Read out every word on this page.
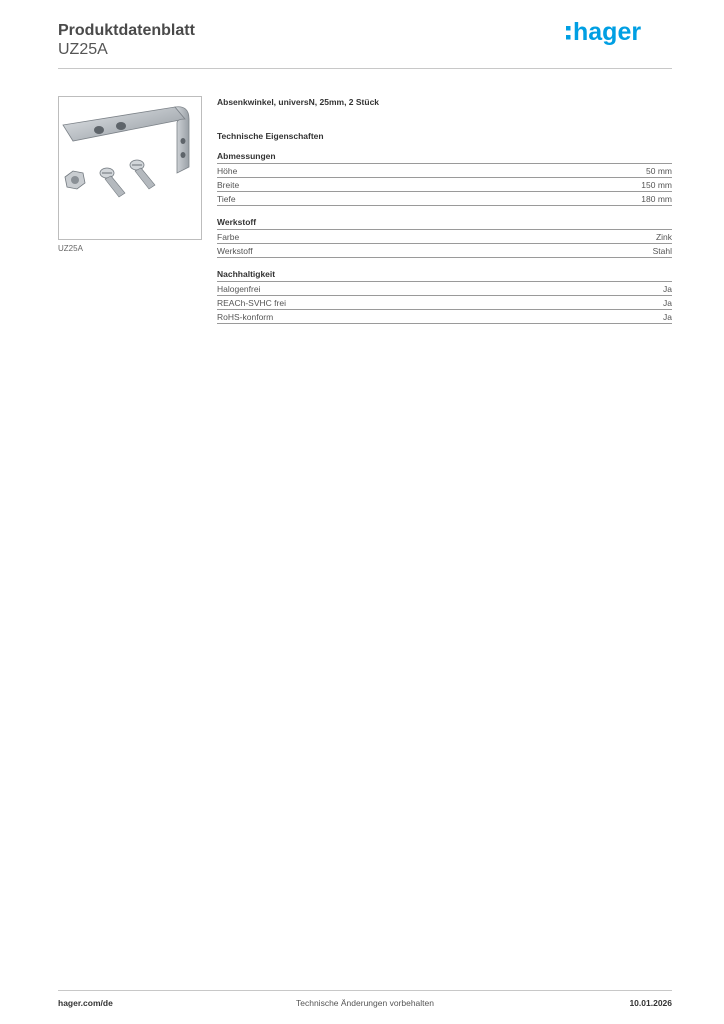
Produktdatenblatt
UZ25A
hager
UZ25A
Absenkwinkel, universN, 25mm, 2 Stück
Technische Eigenschaften
Abmessungen
Höhe	50 mm
Breite	150 mm
Tiefe	180 mm
Werkstoff
Farbe	Zink
Werkstoff	Stahl
Nachhaltigkeit
Halogenfrei	Ja
REACh-SVHC frei	Ja
RoHS-konform	Ja
Technische Änderungen vorbehalten
hager.com/de	10.01.2026
